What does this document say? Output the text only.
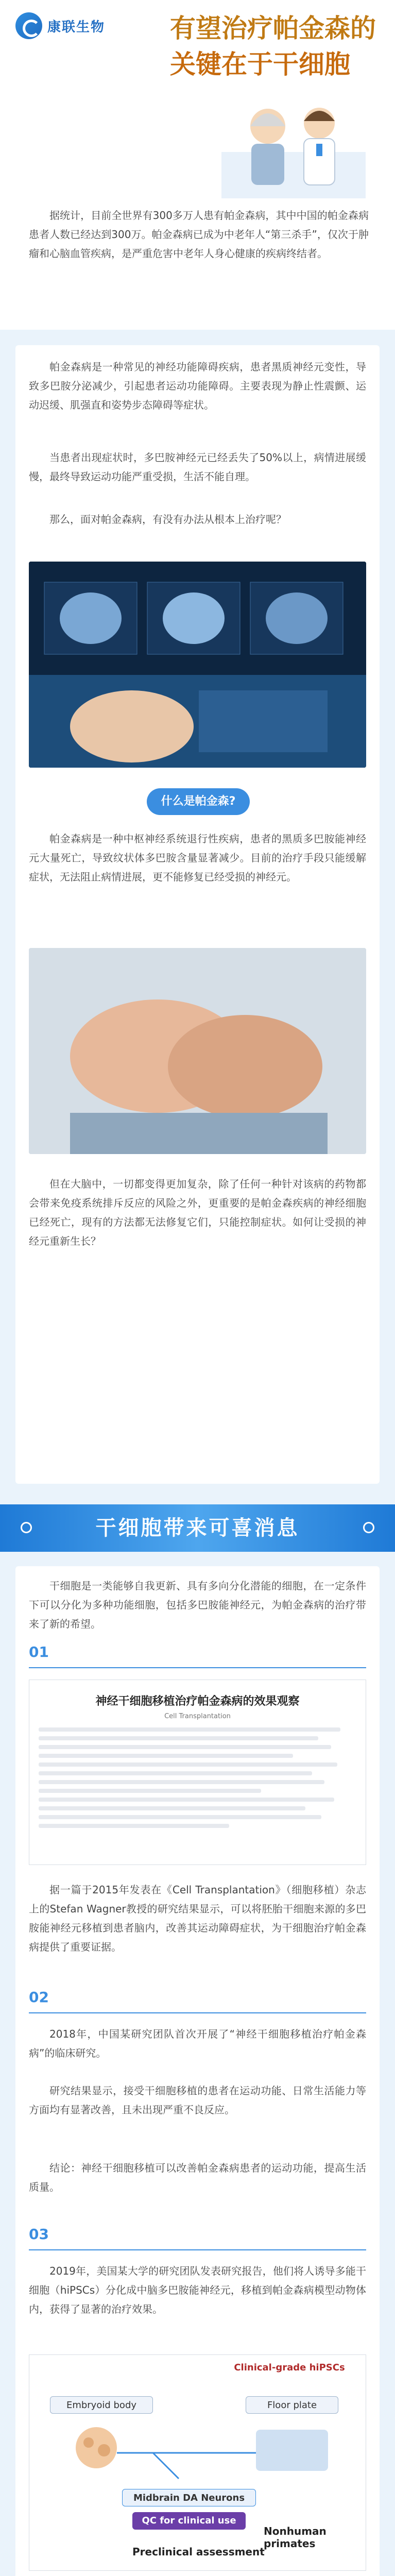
康联生物	有望治疗帕金森的
关键在于干细胞
据统计，目前全世界有300多万人患有帕金森病，其中中国的帕金森病患者人数已经达到300万。帕金森病已成为中老年人“第三杀手”，仅次于肿瘤和心脑血管疾病，是严重危害中老年人身心健康的疾病终结者。
帕金森病是一种常见的神经功能障碍疾病，患者黑质神经元变性，导致多巴胺分泌减少，引起患者运动功能障碍。主要表现为静止性震颤、运动迟缓、肌强直和姿势步态障碍等症状。
当患者出现症状时，多巴胺神经元已经丢失了50%以上，病情进展缓慢，最终导致运动功能严重受损，生活不能自理。
那么，面对帕金森病，有没有办法从根本上治疗呢？
什么是帕金森?
帕金森病是一种中枢神经系统退行性疾病，患者的黑质多巴胺能神经元大量死亡，导致纹状体多巴胺含量显著减少。目前的治疗手段只能缓解症状，无法阻止病情进展，更不能修复已经受损的神经元。
但在大脑中，一切都变得更加复杂，除了任何一种针对该病的药物都会带来免疫系统排斥反应的风险之外，更重要的是帕金森疾病的神经细胞已经死亡，现有的方法都无法修复它们，只能控制症状。如何让受损的神经元重新生长？
干细胞带来可喜消息
干细胞是一类能够自我更新、具有多向分化潜能的细胞，在一定条件下可以分化为多种功能细胞，包括多巴胺能神经元，为帕金森病的治疗带来了新的希望。
01
神经干细胞移植治疗帕金森病的效果观察
Cell Transplantation
据一篇于2015年发表在《Cell Transplantation》（细胞移植）杂志上的Stefan Wagner教授的研究结果显示，可以将胚胎干细胞来源的多巴胺能神经元移植到患者脑内，改善其运动障碍症状，为干细胞治疗帕金森病提供了重要证据。
02
2018年，中国某研究团队首次开展了“神经干细胞移植治疗帕金森病”的临床研究。
研究结果显示，接受干细胞移植的患者在运动功能、日常生活能力等方面均有显著改善，且未出现严重不良反应。
结论：神经干细胞移植可以改善帕金森病患者的运动功能，提高生活质量。
03
2019年，美国某大学的研究团队发表研究报告，他们将人诱导多能干细胞（hiPSCs）分化成中脑多巴胺能神经元，移植到帕金森病模型动物体内，获得了显著的治疗效果。
Clinical-grade hiPSCs
Embryoid body	Floor plate
Midbrain DA Neurons
QC for clinical use
Nonhuman primates
Preclinical assessment
